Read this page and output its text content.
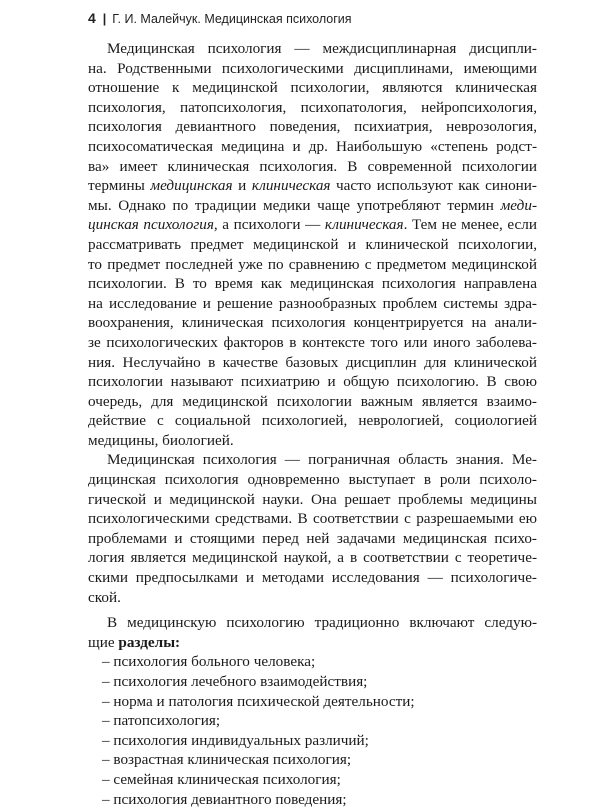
4 | Г. И. Малейчук. Медицинская психология
Медицинская психология — междисциплинарная дисципли-
на. Родственными психологическими дисциплинами, имеющими
отношение к медицинской психологии, являются клиническая
психология, патопсихология, психопатология, нейропсихология,
психология девиантного поведения, психиатрия, неврозология,
психосоматическая медицина и др. Наибольшую «степень родст-
ва» имеет клиническая психология. В современной психологии
термины медицинская и клиническая часто используют как синони-
мы. Однако по традиции медики чаще употребляют термин меди-
цинская психология, а психологи — клиническая. Тем не менее, если
рассматривать предмет медицинской и клинической психологии,
то предмет последней уже по сравнению с предметом медицинской
психологии. В то время как медицинская психология направлена
на исследование и решение разнообразных проблем системы здра-
воохранения, клиническая психология концентрируется на анали-
зе психологических факторов в контексте того или иного заболева-
ния. Неслучайно в качестве базовых дисциплин для клинической
психологии называют психиатрию и общую психологию. В свою
очередь, для медицинской психологии важным является взаимо-
действие с социальной психологией, неврологией, социологией
медицины, биологией.
Медицинская психология — пограничная область знания. Ме-
дицинская психология одновременно выступает в роли психоло-
гической и медицинской науки. Она решает проблемы медицины
психологическими средствами. В соответствии с разрешаемыми ею
проблемами и стоящими перед ней задачами медицинская психо-
логия является медицинской наукой, а в соответствии с теоретиче-
скими предпосылками и методами исследования — психологиче-
ской.
В медицинскую психологию традиционно включают следую-
щие разделы:
– психология больного человека;
– психология лечебного взаимодействия;
– норма и патология психической деятельности;
– патопсихология;
– психология индивидуальных различий;
– возрастная клиническая психология;
– семейная клиническая психология;
– психология девиантного поведения;
